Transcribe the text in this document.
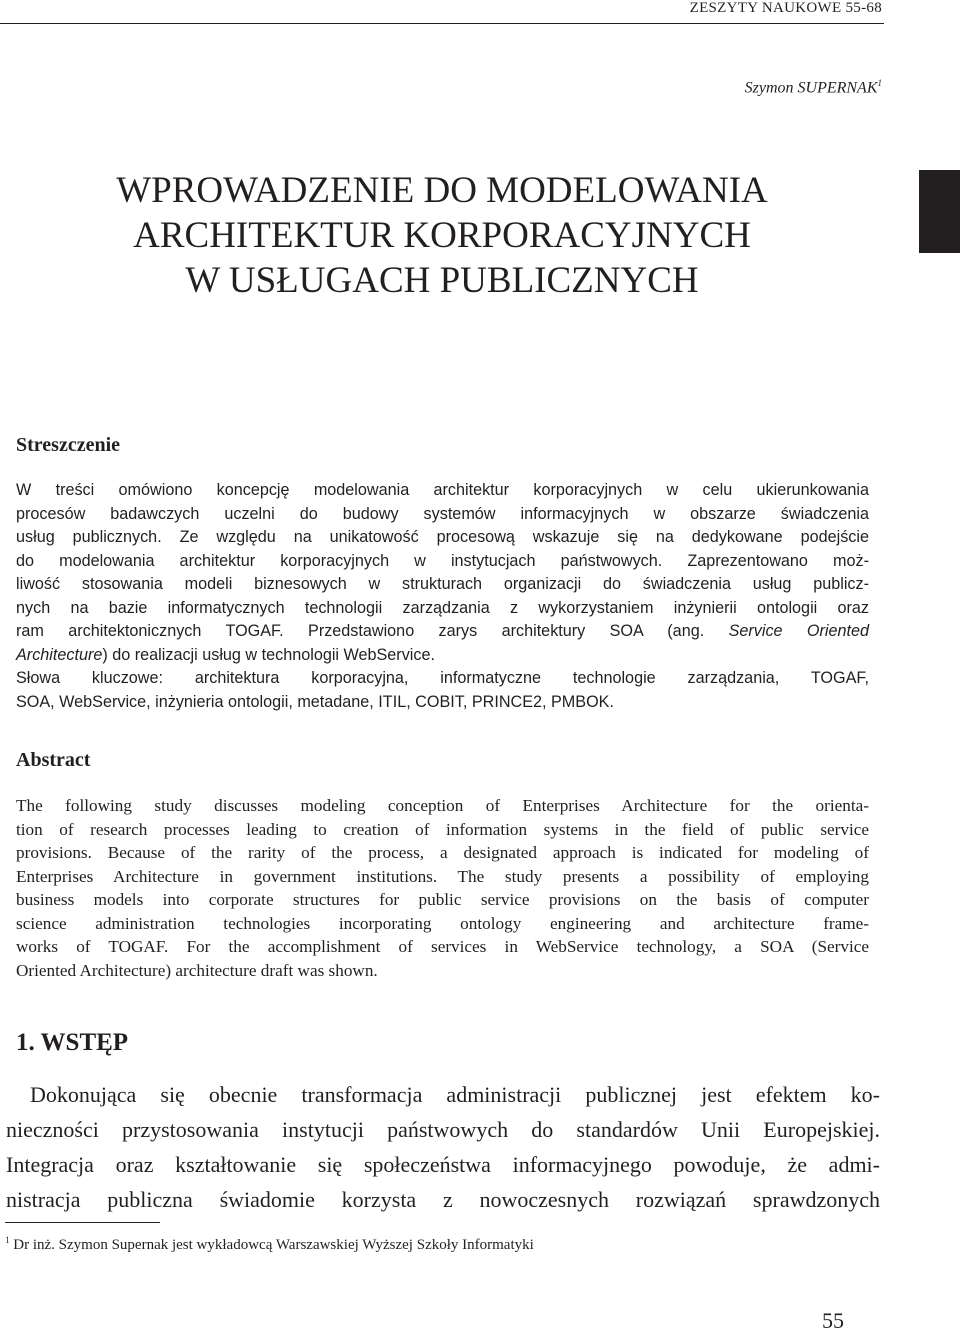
ZESZYTY NAUKOWE 55-68
Szymon SUPERNAK$^1$
WPROWADZENIE DO MODELOWANIA
ARCHITEKTUR KORPORACYJNYCH
W USŁUGACH PUBLICZNYCH
Streszczenie
W treści omówiono koncepcję modelowania architektur korporacyjnych w celu ukierunkowania
procesów badawczych uczelni do budowy systemów informacyjnych w obszarze świadczenia
usług publicznych. Ze względu na unikatowość procesową wskazuje się na dedykowane podejście
do modelowania architektur korporacyjnych w instytucjach państwowych. Zaprezentowano moż-
liwość stosowania modeli biznesowych w strukturach organizacji do świadczenia usług publicz-
nych na bazie informatycznych technologii zarządzania z wykorzystaniem inżynierii ontologii oraz
ram architektonicznych TOGAF. Przedstawiono zarys architektury SOA (ang. Service Oriented
Architecture) do realizacji usług w technologii WebService.
Słowa kluczowe: architektura korporacyjna, informatyczne technologie zarządzania, TOGAF,
SOA, WebService, inżynieria ontologii, metadane, ITIL, COBIT, PRINCE2, PMBOK.
Abstract
The following study discusses modeling conception of Enterprises Architecture for the orienta-
tion of research processes leading to creation of information systems in the field of public service
provisions. Because of the rarity of the process, a designated approach is indicated for modeling of
Enterprises Architecture in government institutions. The study presents a possibility of employing
business models into corporate structures for public service provisions on the basis of computer
science administration technologies incorporating ontology engineering and architecture frame-
works of TOGAF. For the accomplishment of services in WebService technology, a SOA (Service
Oriented Architecture) architecture draft was shown.
1. WSTĘP
Dokonująca się obecnie transformacja administracji publicznej jest efektem ko-
nieczności przystosowania instytucji państwowych do standardów Unii Europejskiej.
Integracja oraz kształtowanie się społeczeństwa informacyjnego powoduje, że admi-
nistracja publiczna świadomie korzysta z nowoczesnych rozwiązań sprawdzonych
$^1$ Dr inż. Szymon Supernak jest wykładowcą Warszawskiej Wyższej Szkoły Informatyki
55
